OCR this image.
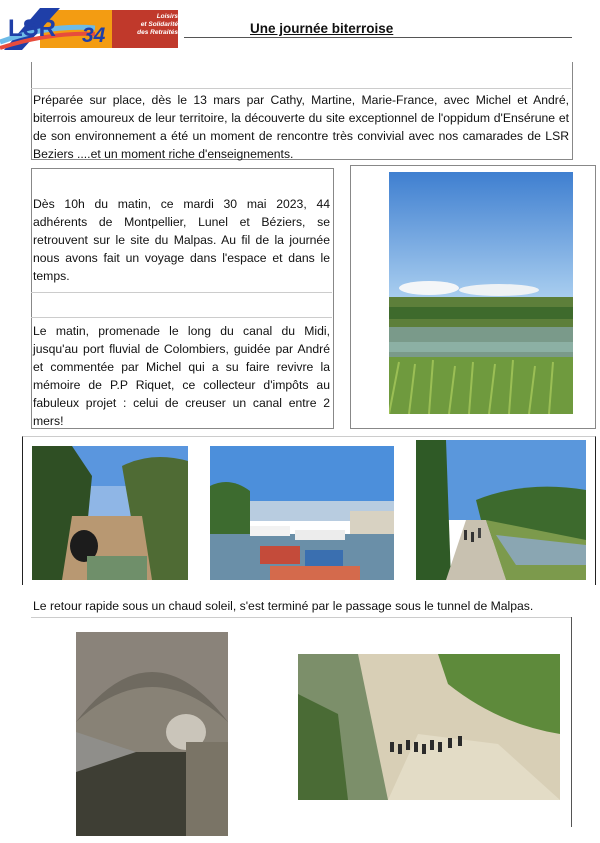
LSR 34
Loisirs
et Solidarité
des Retraités	Une journée biterroise
Préparée sur place, dès le 13 mars par Cathy, Martine, Marie-France, avec Michel et André, biterrois amoureux de leur territoire, la découverte du site exceptionnel de l'oppidum d'Ensérune et de son environnement a été un moment de rencontre très convivial avec nos camarades de LSR Beziers ....et un moment riche d'enseignements.
Dès 10h du matin, ce mardi 30 mai 2023, 44 adhérents de Montpellier, Lunel et Béziers, se retrouvent sur le site du Malpas. Au fil de la journée nous avons fait un voyage dans l'espace et dans le temps.
Le matin, promenade le long du canal du Midi, jusqu'au port fluvial de Colombiers, guidée par André et commentée par Michel qui a su faire revivre la mémoire de P.P Riquet, ce collecteur d'impôts au fabuleux projet : celui de creuser un canal entre 2 mers!
Le retour rapide sous un chaud soleil, s'est terminé par le passage sous le tunnel de Malpas.
